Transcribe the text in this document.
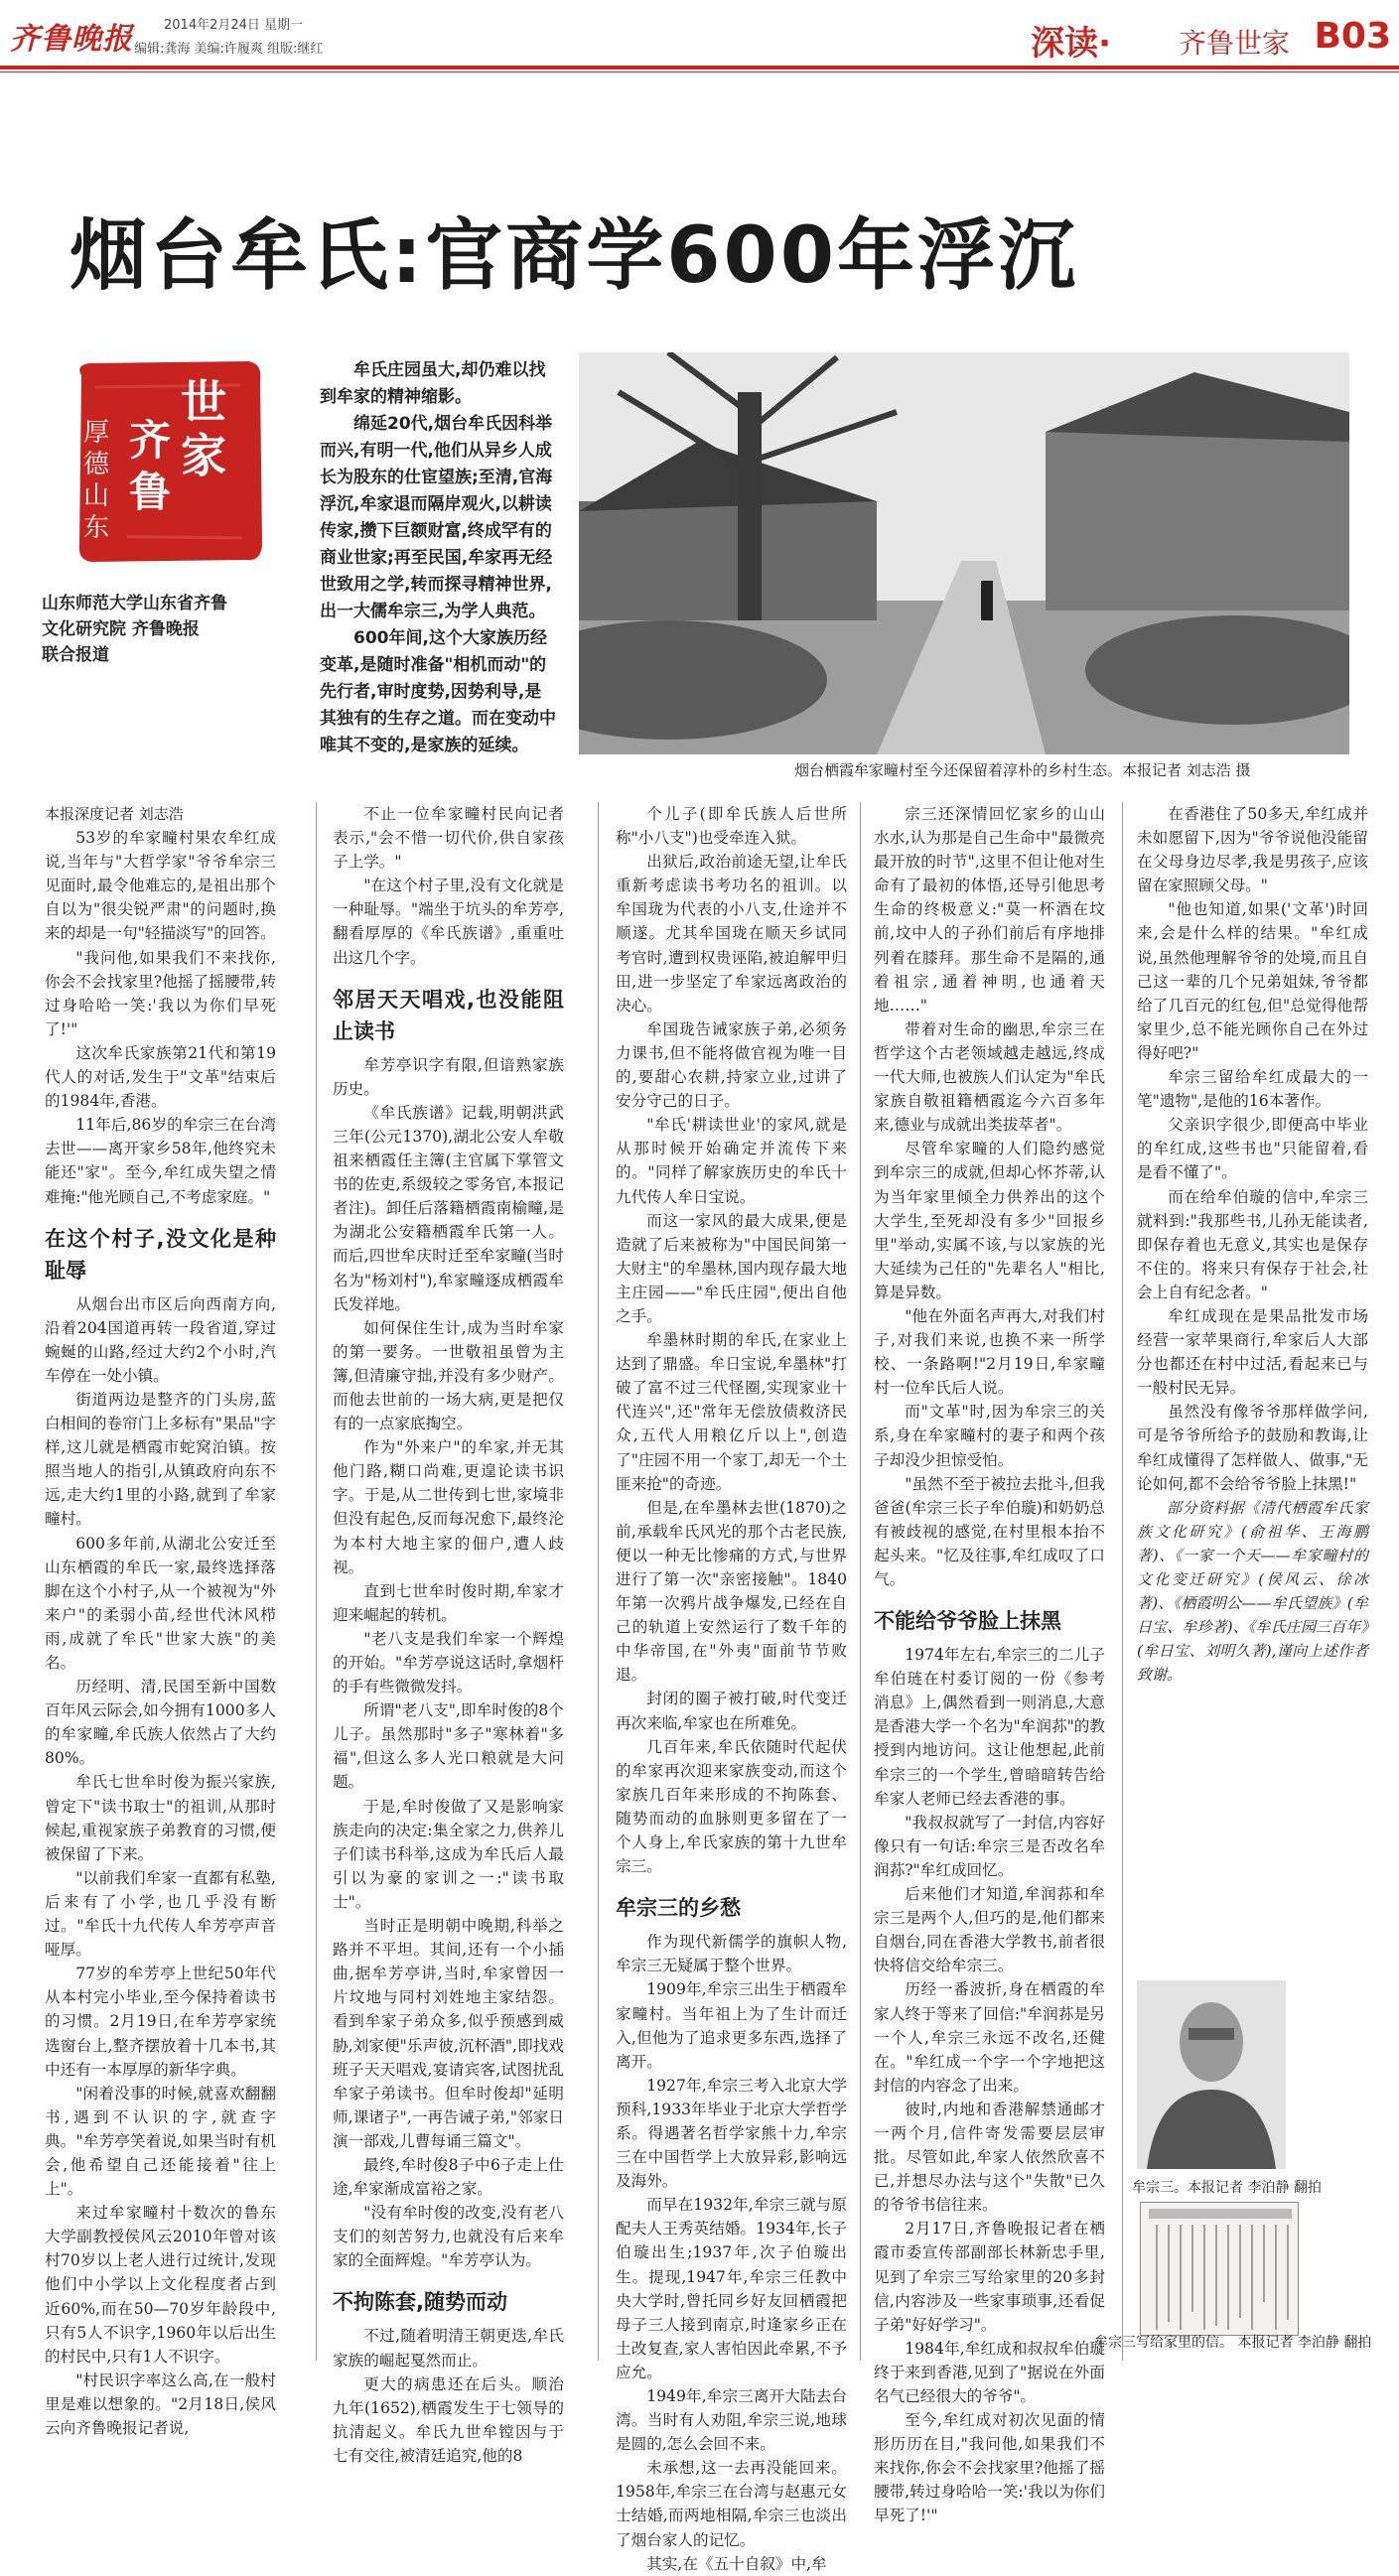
齐鲁晚报 2014年2月24日 星期一
编辑:龚海 美编:许履爽 组版:继红	深读· 齐鲁世家 B03
烟台牟氏:官商学600年浮沉
世家
齐鲁
厚德山东
山东师范大学山东省齐鲁
文化研究院 齐鲁晚报
联合报道

牟氏庄园虽大,却仍难以找到牟家的精神缩影。

绵延20代,烟台牟氏因科举而兴,有明一代,他们从异乡人成长为股东的仕宦望族;至清,官海浮沉,牟家退而隔岸观火,以耕读传家,攒下巨额财富,终成罕有的商业世家;再至民国,牟家再无经世致用之学,转而探寻精神世界,出一大儒牟宗三,为学人典范。

600年间,这个大家族历经变革,是随时准备"相机而动"的先行者,审时度势,因势利导,是其独有的生存之道。而在变动中唯其不变的,是家族的延续。

烟台栖霞牟家疃村至今还保留着淳朴的乡村生态。本报记者 刘志浩 摄

本报深度记者 刘志浩

53岁的牟家疃村果农牟红成说,当年与"大哲学家"爷爷牟宗三见面时,最令他难忘的,是祖出那个自以为"很尖锐严肃"的问题时,换来的却是一句"轻描淡写"的回答。

"我问他,如果我们不来找你,你会不会找家里?他摇了摇腰带,转过身哈哈一笑:'我以为你们早死了!'"

这次牟氏家族第21代和第19代人的对话,发生于"文革"结束后的1984年,香港。

11年后,86岁的牟宗三在台湾去世——离开家乡58年,他终究未能还"家"。至今,牟红成失望之情难掩:"他光顾自己,不考虑家庭。"

在这个村子,没文化是种耻辱

从烟台出市区后向西南方向,沿着204国道再转一段省道,穿过蜿蜒的山路,经过大约2个小时,汽车停在一处小镇。

街道两边是整齐的门头房,蓝白相间的卷帘门上多标有"果品"字样,这儿就是栖霞市蛇窝泊镇。按照当地人的指引,从镇政府向东不远,走大约1里的小路,就到了牟家疃村。

600多年前,从湖北公安迁至山东栖霞的牟氏一家,最终选择落脚在这个小村子,从一个被视为"外来户"的柔弱小苗,经世代沐风栉雨,成就了牟氏"世家大族"的美名。

历经明、清,民国至新中国数百年风云际会,如今拥有1000多人的牟家疃,牟氏族人依然占了大约80%。

牟氏七世牟时俊为振兴家族,曾定下"读书取士"的祖训,从那时候起,重视家族子弟教育的习惯,便被保留了下来。

"以前我们牟家一直都有私塾,后来有了小学,也几乎没有断过。"牟氏十九代传人牟芳亭声音哑厚。

77岁的牟芳亭上世纪50年代从本村完小毕业,至今保持着读书的习惯。2月19日,在牟芳亭家统选窗台上,整齐摆放着十几本书,其中还有一本厚厚的新华字典。

"闲着没事的时候,就喜欢翻翻书,遇到不认识的字,就查字典。"牟芳亭笑着说,如果当时有机会,他希望自己还能接着"往上上"。

来过牟家疃村十数次的鲁东大学副教授侯风云2010年曾对该村70岁以上老人进行过统计,发现他们中小学以上文化程度者占到近60%,而在50—70岁年龄段中,只有5人不识字,1960年以后出生的村民中,只有1人不识字。

"村民识字率这么高,在一般村里是难以想象的。"2月18日,侯风云向齐鲁晚报记者说,

不止一位牟家疃村民向记者表示,"会不惜一切代价,供自家孩子上学。"

"在这个村子里,没有文化就是一种耻辱。"端坐于坑头的牟芳亭,翻看厚厚的《牟氏族谱》,重重吐出这几个字。

邻居天天唱戏,也没能阻止读书

牟芳亭识字有限,但谙熟家族历史。

《牟氏族谱》记载,明朝洪武三年(公元1370),湖北公安人牟敬祖来栖霞任主簿(主官属下掌管文书的佐吏,系级较之零务官,本报记者注)。卸任后落籍栖霞南榆疃,是为湖北公安籍栖霞牟氏第一人。而后,四世牟庆时迁至牟家疃(当时名为"杨刘村"),牟家疃逐成栖霞牟氏发祥地。

如何保住生计,成为当时牟家的第一要务。一世敬祖虽曾为主簿,但清廉守拙,并没有多少财产。而他去世前的一场大病,更是把仅有的一点家底掏空。

作为"外来户"的牟家,并无其他门路,糊口尚难,更遑论读书识字。于是,从二世传到七世,家境非但没有起色,反而每况愈下,最终沦为本村大地主家的佃户,遭人歧视。

直到七世牟时俊时期,牟家才迎来崛起的转机。

"老八支是我们牟家一个辉煌的开始。"牟芳亭说这话时,拿烟杆的手有些微微发抖。

所谓"老八支",即牟时俊的8个儿子。虽然那时"多子"寒林着"多福",但这么多人光口粮就是大问题。

于是,牟时俊做了又是影响家族走向的决定:集全家之力,供养儿子们读书科举,这成为牟氏后人最引以为豪的家训之一:"读书取士"。

当时正是明朝中晚期,科举之路并不平坦。其间,还有一个小插曲,据牟芳亭讲,当时,牟家曾因一片坟地与同村刘姓地主家结怨。看到牟家子弟众多,似乎预感到威胁,刘家便"乐声彼,沉杯酒",即找戏班子天天唱戏,宴请宾客,试图扰乱牟家子弟读书。但牟时俊却"延明师,课诸子",一再告诫子弟,"邻家日演一部戏,儿曹每诵三篇文"。

最终,牟时俊8子中6子走上仕途,牟家渐成富裕之家。

"没有牟时俊的改变,没有老八支们的刻苦努力,也就没有后来牟家的全面辉煌。"牟芳亭认为。

不拘陈套,随势而动

不过,随着明清王朝更迭,牟氏家族的崛起戛然而止。

更大的病患还在后头。顺治九年(1652),栖霞发生于七领导的抗清起义。牟氏九世牟镗因与于七有交往,被清廷追究,他的8

个儿子(即牟氏族人后世所称"小八支")也受牵连入狱。

出狱后,政治前途无望,让牟氏重新考虑读书考功名的祖训。以牟国珑为代表的小八支,仕途并不顺遂。尤其牟国珑在顺天乡试同考官时,遭到权贵诬陷,被迫解甲归田,进一步坚定了牟家远离政治的决心。

牟国珑告诫家族子弟,必须务力课书,但不能将做官视为唯一目的,要甜心农耕,持家立业,过讲了安分守己的日子。

"牟氏'耕读世业'的家风,就是从那时候开始确定并流传下来的。"同样了解家族历史的牟氏十九代传人牟日宝说。

而这一家风的最大成果,便是造就了后来被称为"中国民间第一大财主"的牟墨林,国内现存最大地主庄园——"牟氏庄园",便出自他之手。

牟墨林时期的牟氏,在家业上达到了鼎盛。牟日宝说,牟墨林"打破了富不过三代怪圈,实现家业十代连兴",还"常年无偿放债救济民众,五代人用粮亿斤以上",创造了"庄园不用一个家丁,却无一个土匪来抢"的奇迹。

但是,在牟墨林去世(1870)之前,承载牟氏风光的那个古老民族,便以一种无比惨痛的方式,与世界进行了第一次"亲密接触"。1840年第一次鸦片战争爆发,已经在自己的轨道上安然运行了数千年的中华帝国,在"外夷"面前节节败退。

封闭的圈子被打破,时代变迁再次来临,牟家也在所难免。

几百年来,牟氏依随时代起伏的牟家再次迎来家族变动,而这个家族几百年来形成的不拘陈套、随势而动的血脉则更多留在了一个人身上,牟氏家族的第十九世牟宗三。

牟宗三的乡愁

作为现代新儒学的旗帜人物,牟宗三无疑属于整个世界。

1909年,牟宗三出生于栖霞牟家疃村。当年祖上为了生计而迁入,但他为了追求更多东西,选择了离开。

1927年,牟宗三考入北京大学预科,1933年毕业于北京大学哲学系。得遇著名哲学家熊十力,牟宗三在中国哲学上大放异彩,影响远及海外。

而早在1932年,牟宗三就与原配夫人王秀英结婚。1934年,长子伯璇出生;1937年,次子伯璇出生。提现,1947年,牟宗三任教中央大学时,曾托同乡好友回栖霞把母子三人接到南京,时逢家乡正在土改复查,家人害怕因此牵累,不予应允。

1949年,牟宗三离开大陆去台湾。当时有人劝阻,牟宗三说,地球是圆的,怎么会回不来。

未承想,这一去再没能回来。1958年,牟宗三在台湾与赵惠元女士结婚,而两地相隔,牟宗三也淡出了烟台家人的记忆。

其实,在《五十自叙》中,牟

宗三还深情回忆家乡的山山水水,认为那是自己生命中"最微亮最开放的时节",这里不但让他对生命有了最初的体悟,还导引他思考生命的终极意义:"莫一杯酒在坟前,坟中人的子孙们前后有序地排列着在膝拜。那生命不是隔的,通着祖宗,通着神明,也通着天地……"

带着对生命的幽思,牟宗三在哲学这个古老领域越走越远,终成一代大师,也被族人们认定为"牟氏家族自敬祖籍栖霞迄今六百多年来,德业与成就出类拔萃者"。

尽管牟家疃的人们隐约感觉到牟宗三的成就,但却心怀芥蒂,认为当年家里倾全力供养出的这个大学生,至死却没有多少"回报乡里"举动,实属不该,与以家族的光大延续为己任的"先辈名人"相比,算是异数。

"他在外面名声再大,对我们村子,对我们来说,也换不来一所学校、一条路啊!"2月19日,牟家疃村一位牟氏后人说。

而"文革"时,因为牟宗三的关系,身在牟家疃村的妻子和两个孩子却没少担惊受怕。

"虽然不至于被拉去批斗,但我爸爸(牟宗三长子牟伯璇)和奶奶总有被歧视的感觉,在村里根本抬不起头来。"忆及往事,牟红成叹了口气。

不能给爷爷脸上抹黑

1974年左右,牟宗三的二儿子牟伯琏在村委订阅的一份《参考消息》上,偶然看到一则消息,大意是香港大学一个名为"牟润荪"的教授到内地访问。这让他想起,此前牟宗三的一个学生,曾暗暗转告给牟家人老师已经去香港的事。

"我叔叔就写了一封信,内容好像只有一句话:牟宗三是否改名牟润荪?"牟红成回忆。

后来他们才知道,牟润荪和牟宗三是两个人,但巧的是,他们都来自烟台,同在香港大学教书,前者很快将信交给牟宗三。

历经一番波折,身在栖霞的牟家人终于等来了回信:"牟润荪是另一个人,牟宗三永远不改名,还健在。"牟红成一个字一个字地把这封信的内容念了出来。

彼时,内地和香港解禁通邮才一两个月,信件寄发需要层层审批。尽管如此,牟家人依然欣喜不已,并想尽办法与这个"失散"已久的爷爷书信往来。

2月17日,齐鲁晚报记者在栖霞市委宣传部副部长林新忠手里,见到了牟宗三写给家里的20多封信,内容涉及一些家事琐事,还看促子弟"好好学习"。

1984年,牟红成和叔叔牟伯璇终于来到香港,见到了"据说在外面名气已经很大的爷爷"。

至今,牟红成对初次见面的情形历历在目,"我问他,如果我们不来找你,你会不会找家里?他摇了摇腰带,转过身哈哈一笑:'我以为你们早死了!'"

在香港住了50多天,牟红成并未如愿留下,因为"爷爷说他没能留在父母身边尽孝,我是男孩子,应该留在家照顾父母。"

"他也知道,如果('文革')时回来,会是什么样的结果。"牟红成说,虽然他理解爷爷的处境,而且自己这一辈的几个兄弟姐妹,爷爷都给了几百元的红包,但"总觉得他帮家里少,总不能光顾你自己在外过得好吧?"

牟宗三留给牟红成最大的一笔"遗物",是他的16本著作。

父亲识字很少,即便高中毕业的牟红成,这些书也"只能留着,看是看不懂了"。

而在给牟伯璇的信中,牟宗三就料到:"我那些书,儿孙无能读者,即保存着也无意义,其实也是保存不住的。将来只有保存于社会,社会上自有纪念者。"

牟红成现在是果品批发市场经营一家苹果商行,牟家后人大部分也都还在村中过活,看起来已与一般村民无异。

虽然没有像爷爷那样做学问,可是爷爷所给予的鼓励和教诲,让牟红成懂得了怎样做人、做事,"无论如何,都不会给爷爷脸上抹黑!"

部分资料据《清代栖霞牟氏家族文化研究》(俞祖华、王海鹏著)、《一家一个天——牟家疃村的文化变迁研究》(侯风云、徐冰著)、《栖霞明公——牟氏望族》(牟日宝、牟珍著)、《牟氏庄园三百年》(牟日宝、刘明久著),谨向上述作者致谢。

牟宗三。本报记者 李泊静 翻拍
牟宗三写给家里的信。 本报记者 李泊静 翻拍
